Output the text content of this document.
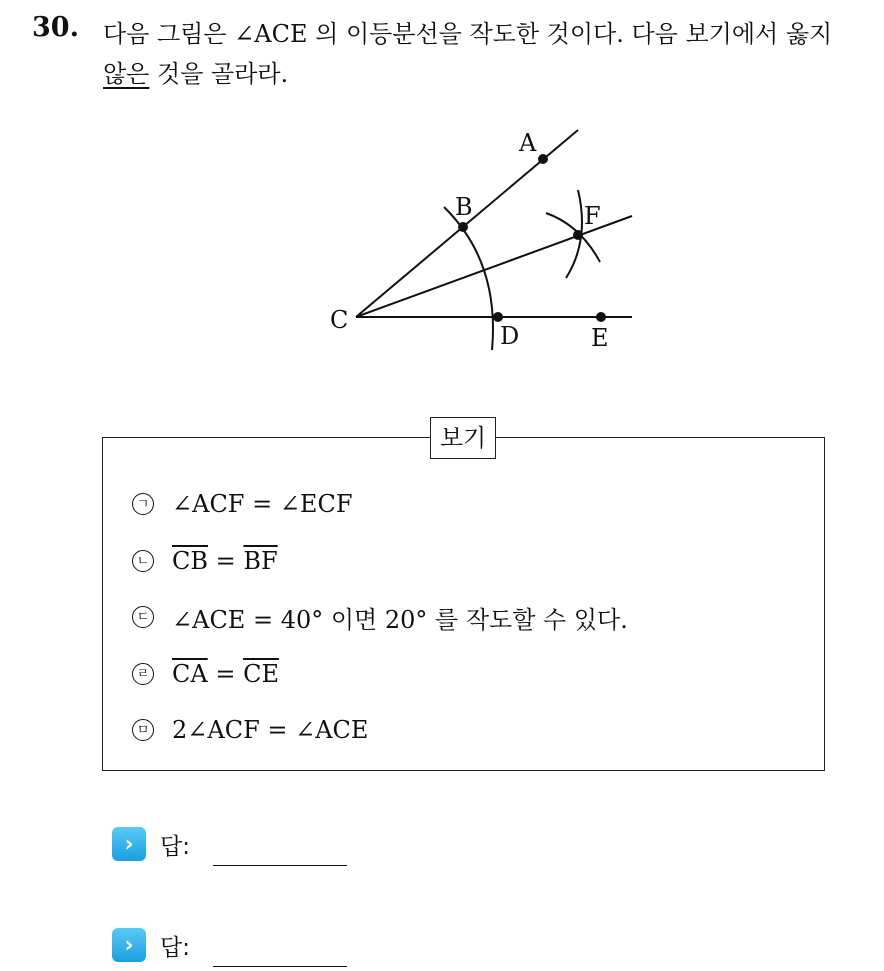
30. 다음 그림은 ∠ACE 의 이등분선을 작도한 것이다. 다음 보기에서 옳지
않은 것을 골라라.
A
B	F
C
D	E
보기
ㄱ ∠ACF = ∠ECF
ㄴ $\overline{CB} = \overline{BF}$
ㄷ ∠ACE = 40° 이면 20° 를 작도할 수 있다.
ㄹ $\overline{CA} = \overline{CE}$
ㅁ 2∠ACF = ∠ACE
›	답:
›	답:
